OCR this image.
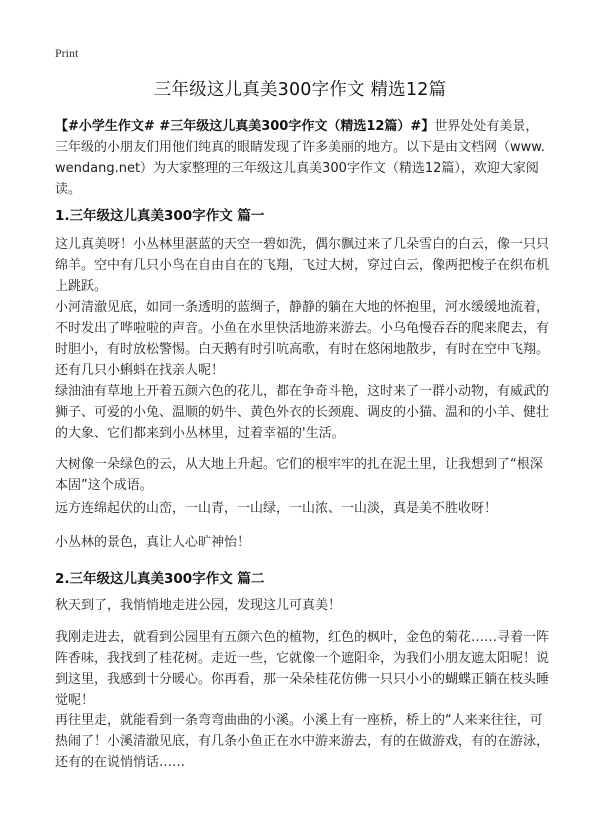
Print
三年级这儿真美300字作文 精选12篇

【#小学生作文# #三年级这儿真美300字作文（精选12篇）#】世界处处有美景，三年级的小朋友们用他们纯真的眼睛发现了许多美丽的地方。以下是由文档网（www.wendang.net）为大家整理的三年级这儿真美300字作文（精选12篇），欢迎大家阅读。

1.三年级这儿真美300字作文 篇一

这儿真美呀！小丛林里湛蓝的天空一碧如洗，偶尔飘过来了几朵雪白的白云，像一只只绵羊。空中有几只小鸟在自由自在的飞翔，飞过大树，穿过白云，像两把梭子在织布机上跳跃。

小河清澈见底，如同一条透明的蓝绸子，静静的躺在大地的怀抱里，河水缓缓地流着，不时发出了哗啦啦的声音。小鱼在水里快活地游来游去。小乌龟慢吞吞的爬来爬去，有时胆小，有时放松警惕。白天鹅有时引吭高歌，有时在悠闲地散步，有时在空中飞翔。还有几只小蝌蚪在找亲人呢！

绿油油有草地上开着五颜六色的花儿，都在争奇斗艳，这时来了一群小动物，有威武的狮子、可爱的小兔、温顺的奶牛、黄色外衣的长颈鹿、调皮的小猫、温和的小羊、健壮的大象、它们都来到小丛林里，过着幸福的'生活。

大树像一朵绿色的云，从大地上升起。它们的根牢牢的扎在泥土里，让我想到了“根深本固”这个成语。

远方连绵起伏的山峦，一山青，一山绿，一山浓、一山淡，真是美不胜收呀！

小丛林的景色，真让人心旷神怡！

2.三年级这儿真美300字作文 篇二

秋天到了，我悄悄地走进公园，发现这儿可真美！

我刚走进去，就看到公园里有五颜六色的植物，红色的枫叶，金色的菊花……寻着一阵阵香味，我找到了桂花树。走近一些，它就像一个遮阳伞，为我们小朋友遮太阳呢！说到这里，我感到十分暖心。你再看，那一朵朵桂花仿佛一只只小小的蝴蝶正躺在枝头睡觉呢！

再往里走，就能看到一条弯弯曲曲的小溪。小溪上有一座桥，桥上的“人来来往往，可热闹了！小溪清澈见底，有几条小鱼正在水中游来游去，有的在做游戏，有的在游泳，还有的在说悄悄话……
